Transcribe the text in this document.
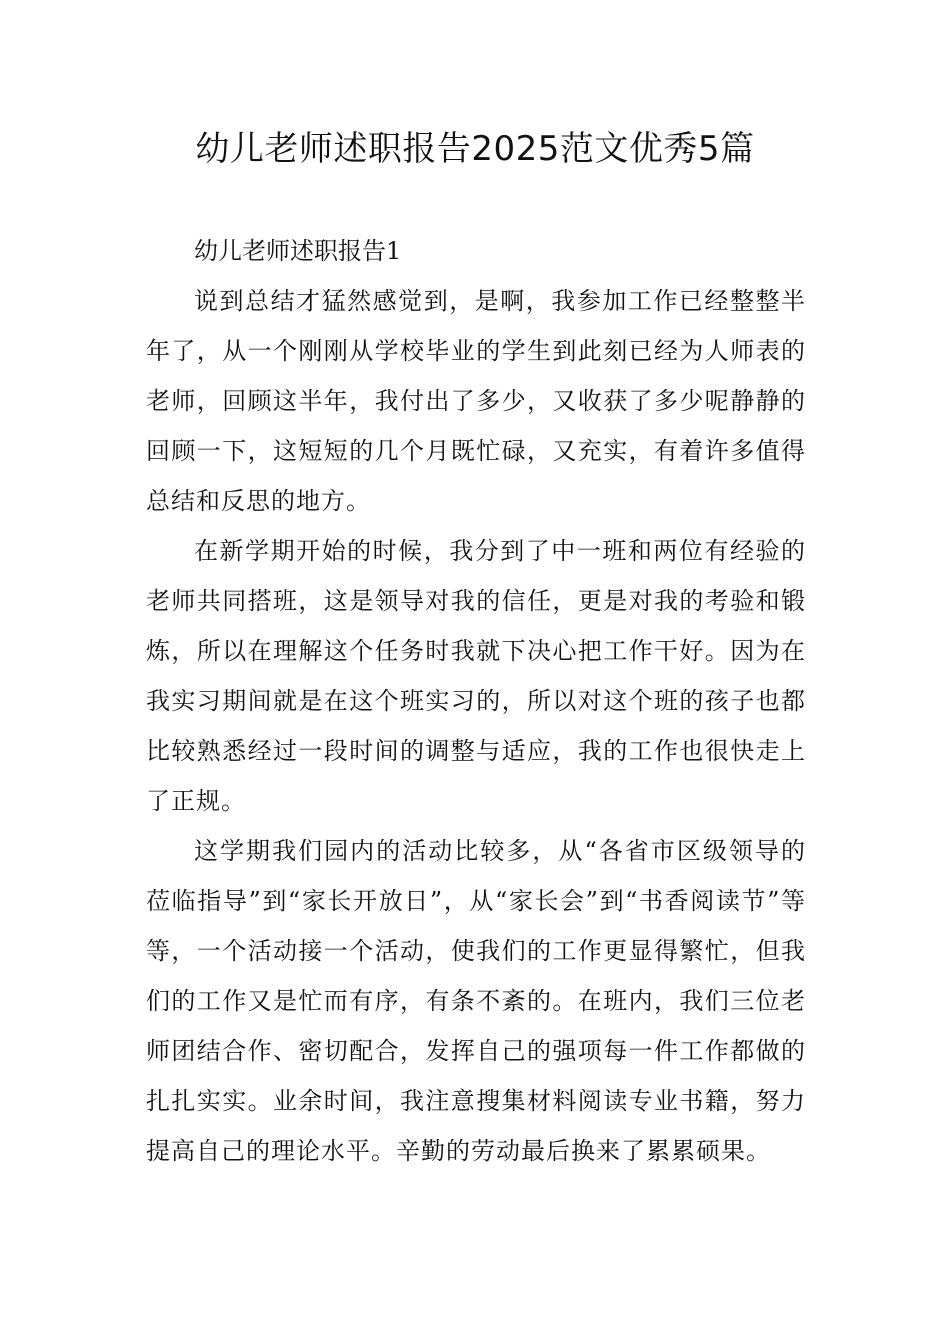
幼儿老师述职报告2025范文优秀5篇

幼儿老师述职报告1

说到总结才猛然感觉到，是啊，我参加工作已经整整半年了，从一个刚刚从学校毕业的学生到此刻已经为人师表的老师，回顾这半年，我付出了多少，又收获了多少呢静静的回顾一下，这短短的几个月既忙碌，又充实，有着许多值得总结和反思的地方。

在新学期开始的时候，我分到了中一班和两位有经验的老师共同搭班，这是领导对我的信任，更是对我的考验和锻炼，所以在理解这个任务时我就下决心把工作干好。因为在我实习期间就是在这个班实习的，所以对这个班的孩子也都比较熟悉经过一段时间的调整与适应，我的工作也很快走上了正规。

这学期我们园内的活动比较多，从“各省市区级领导的莅临指导”到“家长开放日”，从“家长会”到“书香阅读节”等等，一个活动接一个活动，使我们的工作更显得繁忙，但我们的工作又是忙而有序，有条不紊的。在班内，我们三位老师团结合作、密切配合，发挥自己的强项每一件工作都做的扎扎实实。业余时间，我注意搜集材料阅读专业书籍，努力提高自己的理论水平。辛勤的劳动最后换来了累累硕果。
